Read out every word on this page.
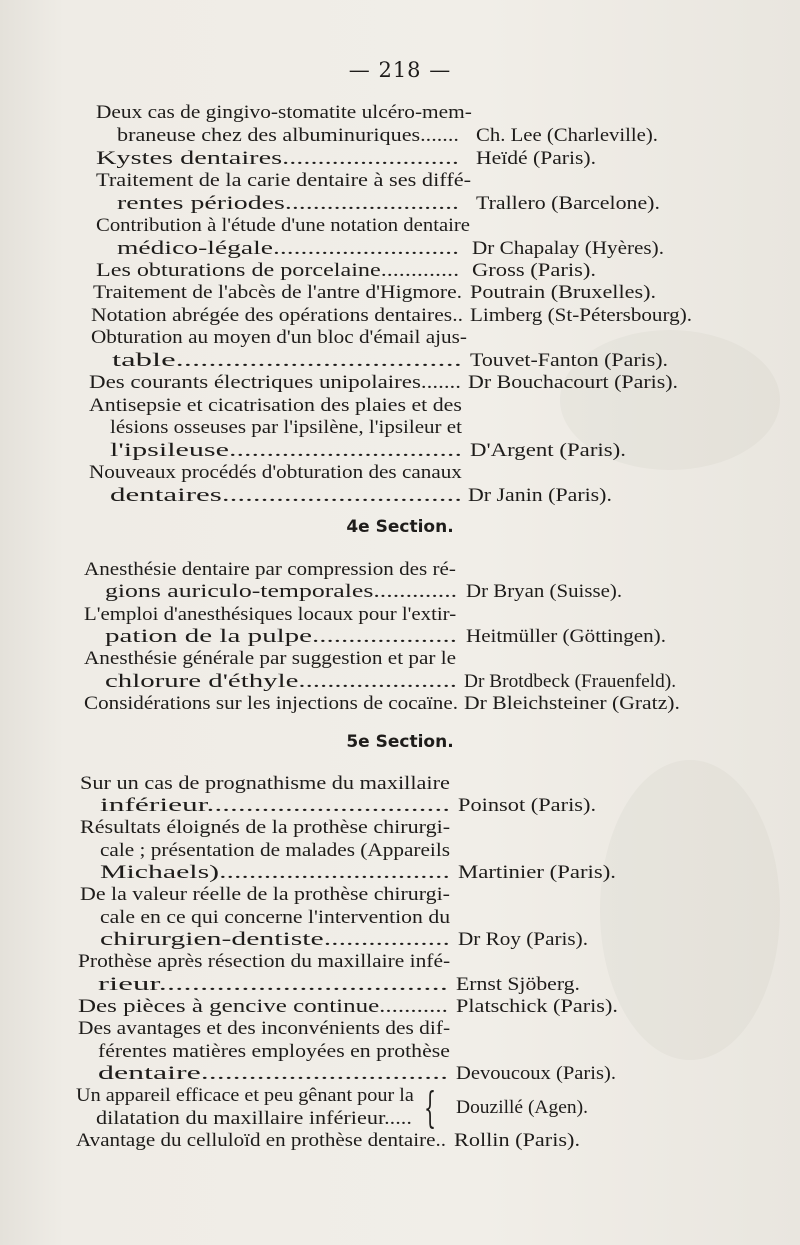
— 218 —
Deux cas de gingivo-stomatite ulcéro-mem-
braneuse chez des albuminuriques....... Ch. Lee (Charleville).
Kystes dentaires......................... Heïdé (Paris).
Traitement de la carie dentaire à ses diffé-
rentes périodes......................... Trallero (Barcelone).
Contribution à l'étude d'une notation dentaire
médico-légale........................... Dr Chapalay (Hyères).
Les obturations de porcelaine............. Gross (Paris).
Traitement de l'abcès de l'antre d'Higmore. Poutrain (Bruxelles).
Notation abrégée des opérations dentaires.. Limberg (St-Pétersbourg).
Obturation au moyen d'un bloc d'émail ajus-
table................................... Touvet-Fanton (Paris).
Des courants électriques unipolaires....... Dr Bouchacourt (Paris).
Antisepsie et cicatrisation des plaies et des
lésions osseuses par l'ipsilène, l'ipsileur et
l'ipsileuse............................... D'Argent (Paris).
Nouveaux procédés d'obturation des canaux
dentaires............................... Dr Janin (Paris).
4e Section.
Anesthésie dentaire par compression des ré-
gions auriculo-temporales............. Dr Bryan (Suisse).
L'emploi d'anesthésiques locaux pour l'extir-
pation de la pulpe.................... Heitmüller (Göttingen).
Anesthésie générale par suggestion et par le
chlorure d'éthyle...................... Dr Brotdbeck (Frauenfeld).
Considérations sur les injections de cocaïne. Dr Bleichsteiner (Gratz).
5e Section.
Sur un cas de prognathisme du maxillaire
inférieur............................... Poinsot (Paris).
Résultats éloignés de la prothèse chirurgi-
cale ; présentation de malades (Appareils
Michaels)............................... Martinier (Paris).
De la valeur réelle de la prothèse chirurgi-
cale en ce qui concerne l'intervention du
chirurgien-dentiste................. Dr Roy (Paris).
Prothèse après résection du maxillaire infé-
rieur................................... Ernst Sjöberg.
Des pièces à gencive continue........... Platschick (Paris).
Des avantages et des inconvénients des dif-
férentes matières employées en prothèse
dentaire............................... Devoucoux (Paris).
Un appareil efficace et peu gênant pour la
dilatation du maxillaire inférieur..... { Douzillé (Agen).
Avantage du celluloïd en prothèse dentaire.. Rollin (Paris).
